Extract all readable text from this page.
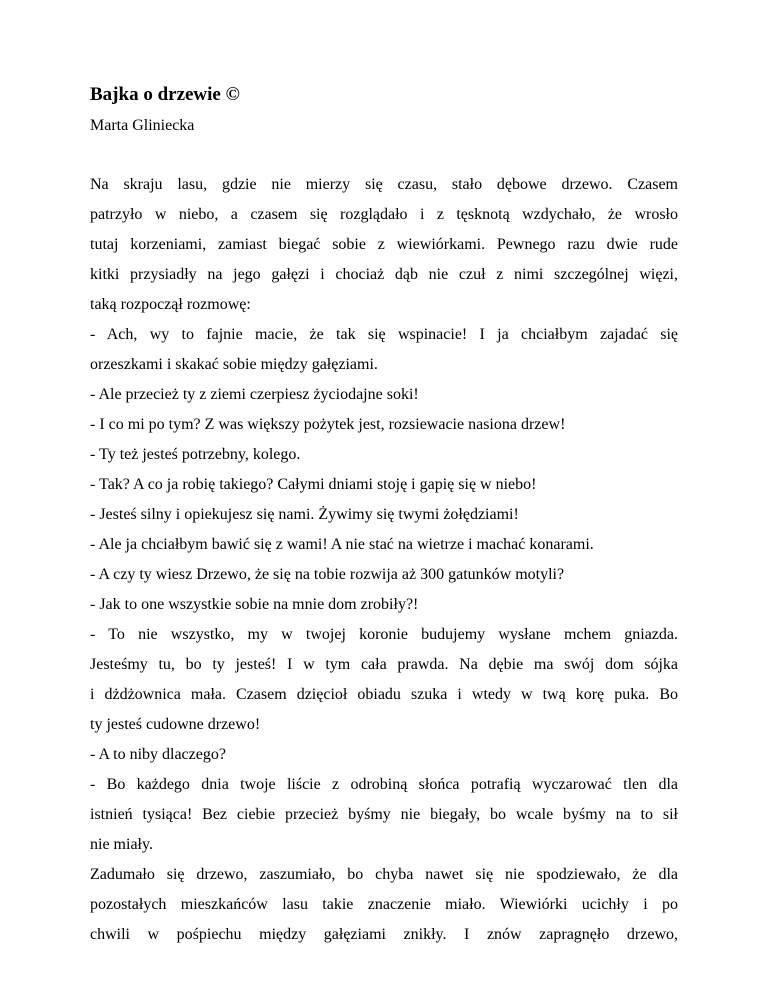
Bajka o drzewie ©

Marta Gliniecka

Na skraju lasu, gdzie nie mierzy się czasu, stało dębowe drzewo. Czasem
patrzyło w niebo, a czasem się rozglądało i z tęsknotą wzdychało, że wrosło
tutaj korzeniami, zamiast biegać sobie z wiewiórkami. Pewnego razu dwie rude
kitki przysiadły na jego gałęzi i chociaż dąb nie czuł z nimi szczególnej więzi,
taką rozpoczął rozmowę:
- Ach, wy to fajnie macie, że tak się wspinacie! I ja chciałbym zajadać się
orzeszkami i skakać sobie między gałęziami.
- Ale przecież ty z ziemi czerpiesz życiodajne soki!
- I co mi po tym? Z was większy pożytek jest, rozsiewacie nasiona drzew!
- Ty też jesteś potrzebny, kolego.
- Tak? A co ja robię takiego? Całymi dniami stoję i gapię się w niebo!
- Jesteś silny i opiekujesz się nami. Żywimy się twymi żołędziami!
- Ale ja chciałbym bawić się z wami! A nie stać na wietrze i machać konarami.
- A czy ty wiesz Drzewo, że się na tobie rozwija aż 300 gatunków motyli?
- Jak to one wszystkie sobie na mnie dom zrobiły?!
- To nie wszystko, my w twojej koronie budujemy wysłane mchem gniazda.
Jesteśmy tu, bo ty jesteś! I w tym cała prawda. Na dębie ma swój dom sójka
i dżdżownica mała. Czasem dzięcioł obiadu szuka i wtedy w twą korę puka. Bo
ty jesteś cudowne drzewo!
- A to niby dlaczego?
- Bo każdego dnia twoje liście z odrobiną słońca potrafią wyczarować tlen dla
istnień tysiąca! Bez ciebie przecież byśmy nie biegały, bo wcale byśmy na to sił
nie miały.
Zadumało się drzewo, zaszumiało, bo chyba nawet się nie spodziewało, że dla
pozostałych mieszkańców lasu takie znaczenie miało. Wiewiórki ucichły i po
chwili w pośpiechu między gałęziami znikły. I znów zapragnęło drzewo,
